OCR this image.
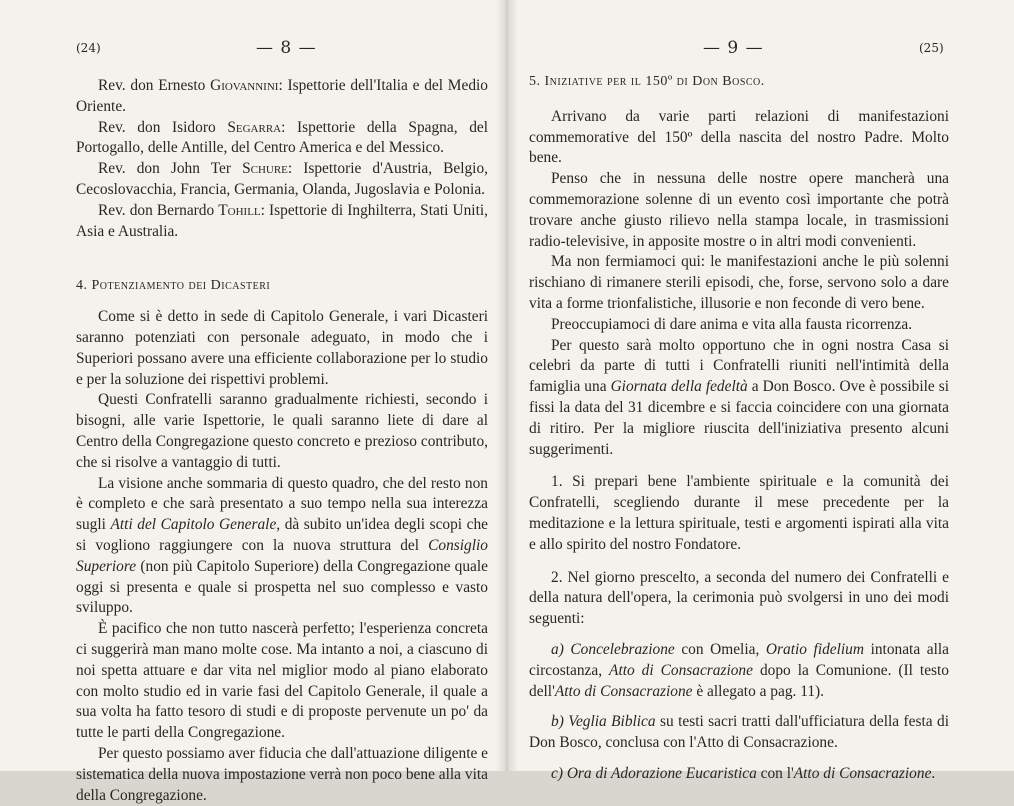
(24)	— 8 —

Rev. don Ernesto Giovannini: Ispettorie dell'Italia e del Medio Oriente.

Rev. don Isidoro Segarra: Ispettorie della Spagna, del Portogallo, delle Antille, del Centro America e del Messico.

Rev. don John Ter Schure: Ispettorie d'Austria, Belgio, Cecoslovacchia, Francia, Germania, Olanda, Jugoslavia e Polonia.

Rev. don Bernardo Tohill: Ispettorie di Inghilterra, Stati Uniti, Asia e Australia.

4. Potenziamento dei Dicasteri

Come si è detto in sede di Capitolo Generale, i vari Dicasteri saranno potenziati con personale adeguato, in modo che i Superiori possano avere una efficiente collaborazione per lo studio e per la soluzione dei rispettivi problemi.

Questi Confratelli saranno gradualmente richiesti, secondo i bisogni, alle varie Ispettorie, le quali saranno liete di dare al Centro della Congregazione questo concreto e prezioso contributo, che si risolve a vantaggio di tutti.

La visione anche sommaria di questo quadro, che del resto non è completo e che sarà presentato a suo tempo nella sua interezza sugli Atti del Capitolo Generale, dà subito un'idea degli scopi che si vogliono raggiungere con la nuova struttura del Consiglio Superiore (non più Capitolo Superiore) della Congregazione quale oggi si presenta e quale si prospetta nel suo complesso e vasto sviluppo.

È pacifico che non tutto nascerà perfetto; l'esperienza concreta ci suggerirà man mano molte cose. Ma intanto a noi, a ciascuno di noi spetta attuare e dar vita nel miglior modo al piano elaborato con molto studio ed in varie fasi del Capitolo Generale, il quale a sua volta ha fatto tesoro di studi e di proposte pervenute un po' da tutte le parti della Congregazione.

Per questo possiamo aver fiducia che dall'attuazione diligente e sistematica della nuova impostazione verrà non poco bene alla vita della Congregazione.

— 9 —	(25)

5. Iniziative per il 150º di Don Bosco.

Arrivano da varie parti relazioni di manifestazioni commemorative del 150º della nascita del nostro Padre. Molto bene.

Penso che in nessuna delle nostre opere mancherà una commemorazione solenne di un evento così importante che potrà trovare anche giusto rilievo nella stampa locale, in trasmissioni radio-televisive, in apposite mostre o in altri modi convenienti.

Ma non fermiamoci qui: le manifestazioni anche le più solenni rischiano di rimanere sterili episodi, che, forse, servono solo a dare vita a forme trionfalistiche, illusorie e non feconde di vero bene.

Preoccupiamoci di dare anima e vita alla fausta ricorrenza.

Per questo sarà molto opportuno che in ogni nostra Casa si celebri da parte di tutti i Confratelli riuniti nell'intimità della famiglia una Giornata della fedeltà a Don Bosco. Ove è possibile si fissi la data del 31 dicembre e si faccia coincidere con una giornata di ritiro. Per la migliore riuscita dell'iniziativa presento alcuni suggerimenti.

1. Si prepari bene l'ambiente spirituale e la comunità dei Confratelli, scegliendo durante il mese precedente per la meditazione e la lettura spirituale, testi e argomenti ispirati alla vita e allo spirito del nostro Fondatore.

2. Nel giorno prescelto, a seconda del numero dei Confratelli e della natura dell'opera, la cerimonia può svolgersi in uno dei modi seguenti:

a) Concelebrazione con Omelia, Oratio fidelium intonata alla circostanza, Atto di Consacrazione dopo la Comunione. (Il testo dell'Atto di Consacrazione è allegato a pag. 11).

b) Veglia Biblica su testi sacri tratti dall'ufficiatura della festa di Don Bosco, conclusa con l'Atto di Consacrazione.

c) Ora di Adorazione Eucaristica con l'Atto di Consacrazione.
